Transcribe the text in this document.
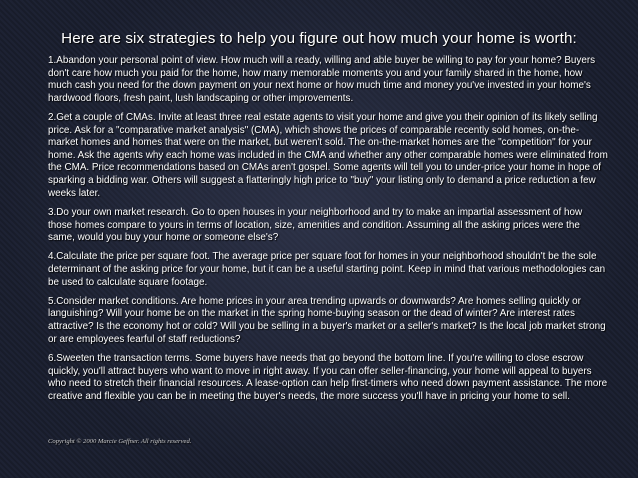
Here are six strategies to help you figure out how much your home is worth:

1.Abandon your personal point of view. How much will a ready, willing and able buyer be willing to pay for your home? Buyers don't care how much you paid for the home, how many memorable moments you and your family shared in the home, how much cash you need for the down payment on your next home or how much time and money you've invested in your home's hardwood floors, fresh paint, lush landscaping or other improvements.

2.Get a couple of CMAs. Invite at least three real estate agents to visit your home and give you their opinion of its likely selling price. Ask for a "comparative market analysis" (CMA), which shows the prices of comparable recently sold homes, on-the-market homes and homes that were on the market, but weren't sold. The on-the-market homes are the "competition" for your home. Ask the agents why each home was included in the CMA and whether any other comparable homes were eliminated from the CMA. Price recommendations based on CMAs aren't gospel. Some agents will tell you to under-price your home in hope of sparking a bidding war. Others will suggest a flatteringly high price to "buy" your listing only to demand a price reduction a few weeks later.

3.Do your own market research. Go to open houses in your neighborhood and try to make an impartial assessment of how those homes compare to yours in terms of location, size, amenities and condition. Assuming all the asking prices were the same, would you buy your home or someone else's?

4.Calculate the price per square foot. The average price per square foot for homes in your neighborhood shouldn't be the sole determinant of the asking price for your home, but it can be a useful starting point. Keep in mind that various methodologies can be used to calculate square footage.

5.Consider market conditions. Are home prices in your area trending upwards or downwards? Are homes selling quickly or languishing? Will your home be on the market in the spring home-buying season or the dead of winter? Are interest rates attractive? Is the economy hot or cold? Will you be selling in a buyer's market or a seller's market? Is the local job market strong or are employees fearful of staff reductions?

6.Sweeten the transaction terms. Some buyers have needs that go beyond the bottom line. If you're willing to close escrow quickly, you'll attract buyers who want to move in right away. If you can offer seller-financing, your home will appeal to buyers who need to stretch their financial resources. A lease-option can help first-timers who need down payment assistance. The more creative and flexible you can be in meeting the buyer's needs, the more success you'll have in pricing your home to sell.

Copyright © 2000 Marcie Geffner. All rights reserved.
